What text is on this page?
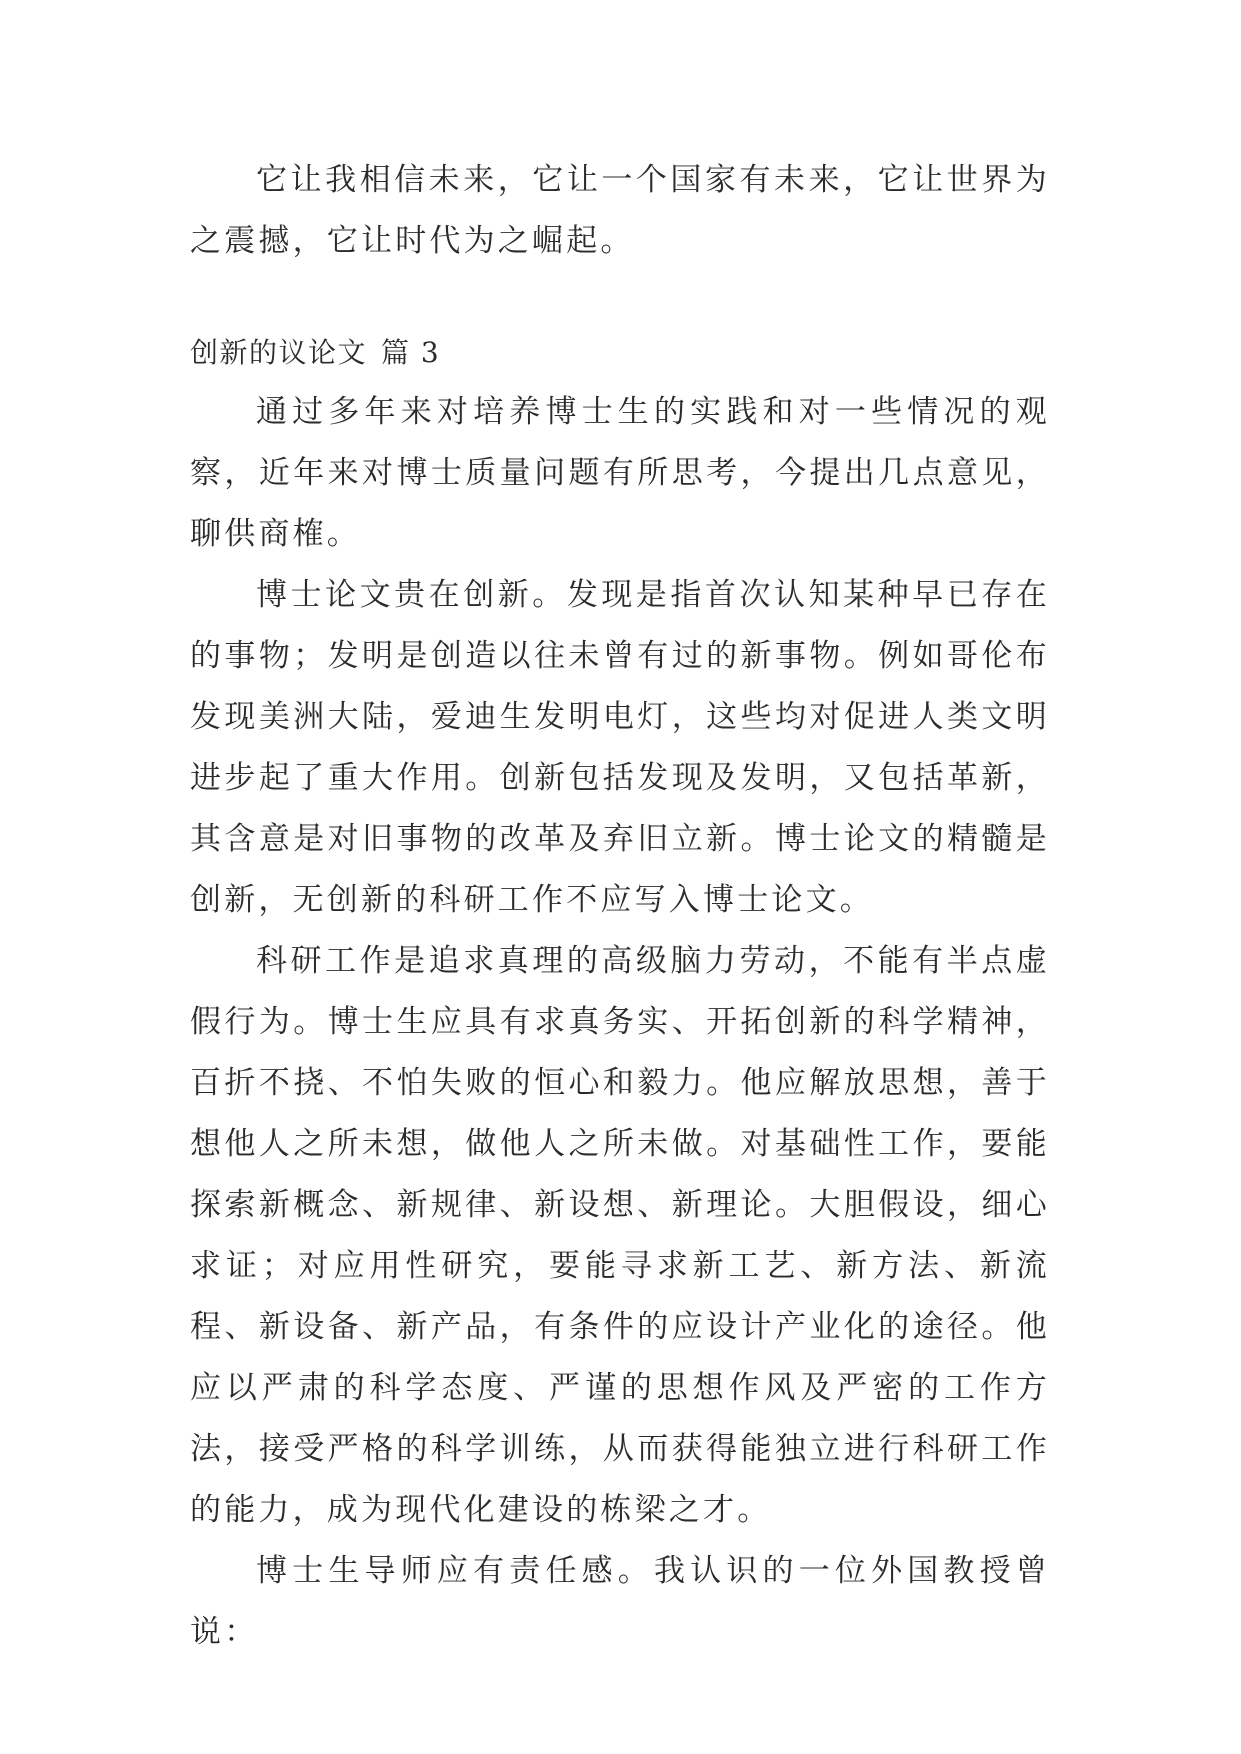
它让我相信未来，它让一个国家有未来，它让世界为之震撼，它让时代为之崛起。

创新的议论文 篇 3

通过多年来对培养博士生的实践和对一些情况的观察，近年来对博士质量问题有所思考，今提出几点意见，聊供商榷。

博士论文贵在创新。发现是指首次认知某种早已存在的事物；发明是创造以往未曾有过的新事物。例如哥伦布发现美洲大陆，爱迪生发明电灯，这些均对促进人类文明进步起了重大作用。创新包括发现及发明，又包括革新，其含意是对旧事物的改革及弃旧立新。博士论文的精髓是创新，无创新的科研工作不应写入博士论文。

科研工作是追求真理的高级脑力劳动，不能有半点虚假行为。博士生应具有求真务实、开拓创新的科学精神，百折不挠、不怕失败的恒心和毅力。他应解放思想，善于想他人之所未想，做他人之所未做。对基础性工作，要能探索新概念、新规律、新设想、新理论。大胆假设，细心求证；对应用性研究，要能寻求新工艺、新方法、新流程、新设备、新产品，有条件的应设计产业化的途径。他应以严肃的科学态度、严谨的思想作风及严密的工作方法，接受严格的科学训练，从而获得能独立进行科研工作的能力，成为现代化建设的栋梁之才。

博士生导师应有责任感。我认识的一位外国教授曾说：
